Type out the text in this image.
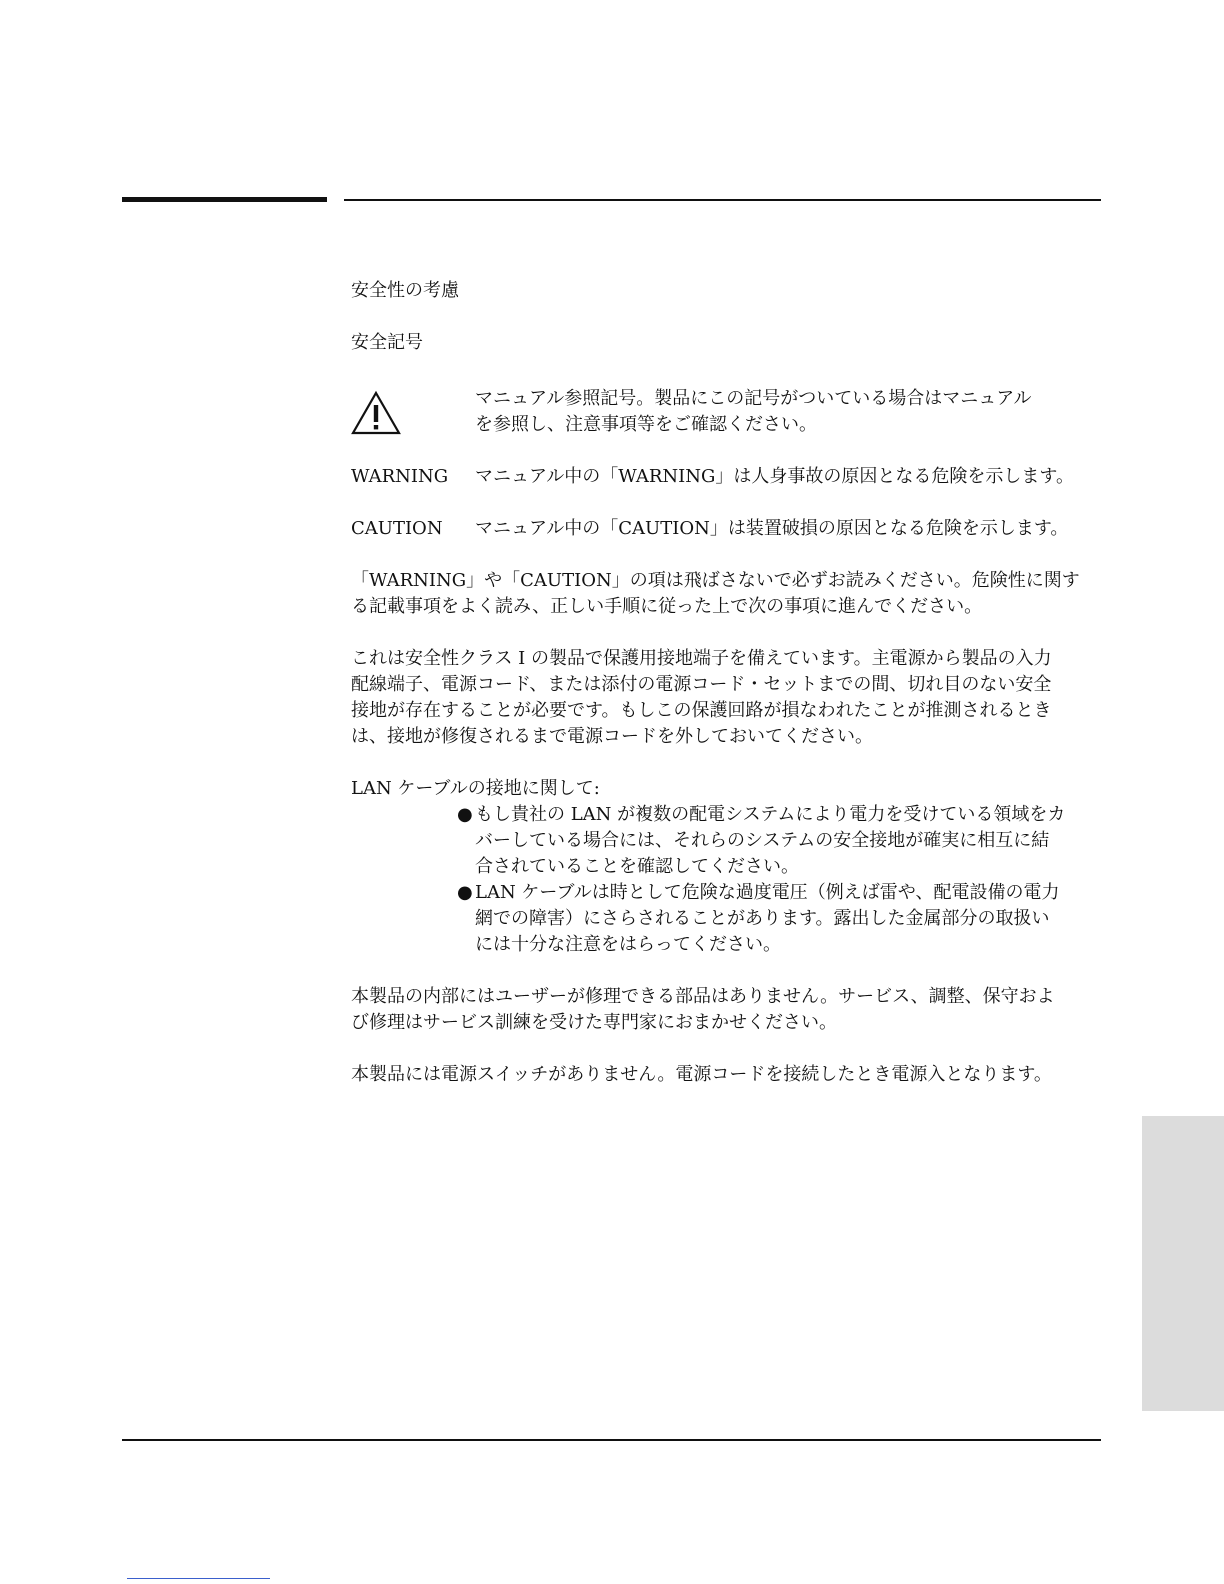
安全性の考慮
安全記号
マニュアル参照記号。製品にこの記号がついている場合はマニュアル
を参照し、注意事項等をご確認ください。
WARNING	マニュアル中の「WARNING」は人身事故の原因となる危険を示します。
CAUTION	マニュアル中の「CAUTION」は装置破損の原因となる危険を示します。
「WARNING」や「CAUTION」の項は飛ばさないで必ずお読みください。危険性に関す
る記載事項をよく読み、正しい手順に従った上で次の事項に進んでください。
これは安全性クラス I の製品で保護用接地端子を備えています。主電源から製品の入力
配線端子、電源コード、または添付の電源コード・セットまでの間、切れ目のない安全
接地が存在することが必要です。もしこの保護回路が損なわれたことが推測されるとき
は、接地が修復されるまで電源コードを外しておいてください。
LAN ケーブルの接地に関して:
● もし貴社の LAN が複数の配電システムにより電力を受けている領域をカ
バーしている場合には、それらのシステムの安全接地が確実に相互に結
合されていることを確認してください。
● LAN ケーブルは時として危険な過度電圧（例えば雷や、配電設備の電力
網での障害）にさらされることがあります。露出した金属部分の取扱い
には十分な注意をはらってください。
本製品の内部にはユーザーが修理できる部品はありません。サービス、調整、保守およ
び修理はサービス訓練を受けた専門家におまかせください。
本製品には電源スイッチがありません。電源コードを接続したとき電源入となります。
